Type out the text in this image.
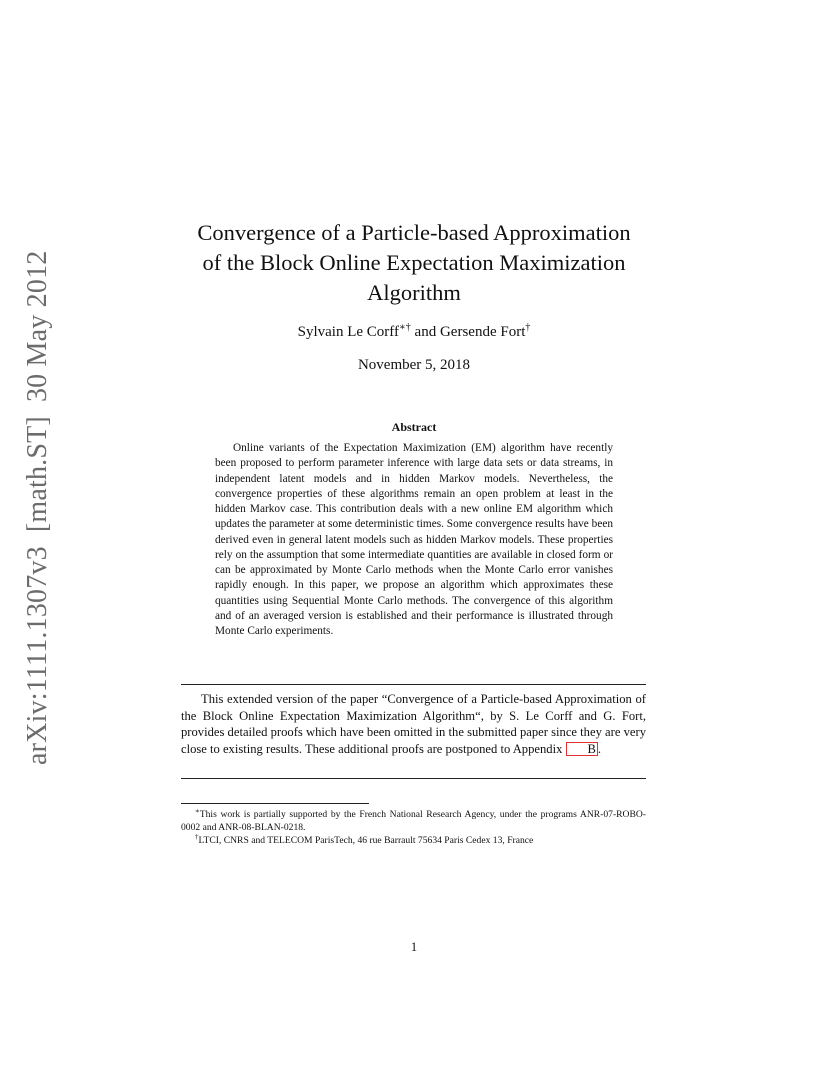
arXiv:1111.1307v3[math.ST]30 May 2012
Convergence of a Particle-based Approximation
of the Block Online Expectation Maximization
Algorithm
Sylvain Le Corff∗† and Gersende Fort†
November 5, 2018
Abstract

Online variants of the Expectation Maximization (EM) algorithm have recently been proposed to perform parameter inference with large data sets or data streams, in independent latent models and in hidden Markov models. Nevertheless, the convergence properties of these algorithms remain an open problem at least in the hidden Markov case. This contribution deals with a new online EM algorithm which updates the parameter at some deterministic times. Some convergence results have been derived even in general latent models such as hidden Markov models. These properties rely on the assumption that some intermediate quantities are available in closed form or can be approximated by Monte Carlo methods when the Monte Carlo error vanishes rapidly enough. In this paper, we propose an algorithm which approximates these quantities using Sequential Monte Carlo methods. The convergence of this algorithm and of an averaged version is established and their performance is illustrated through Monte Carlo experiments.

This extended version of the paper “Convergence of a Particle-based Approximation of the Block Online Expectation Maximization Algorithm“, by S. Le Corff and G. Fort, provides detailed proofs which have been omitted in the submitted paper since they are very close to existing results. These additional proofs are postponed to Appendix B .

∗This work is partially supported by the French National Research Agency, under the programs ANR-07-ROBO-0002 and ANR-08-BLAN-0218.

†LTCI, CNRS and TELECOM ParisTech, 46 rue Barrault 75634 Paris Cedex 13, France

1
